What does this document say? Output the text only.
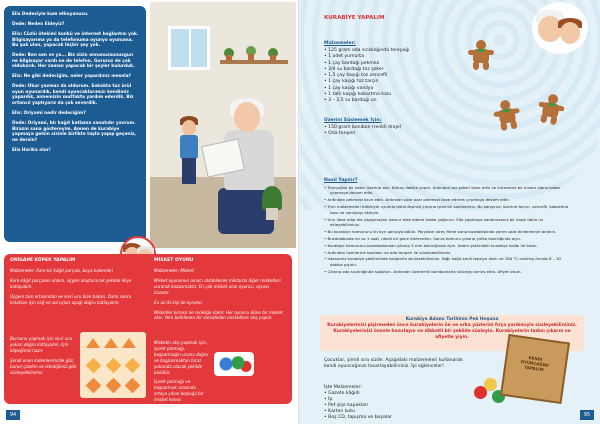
Elis Dedesiyle kum etkoyanuzu.

Dede: Neden Eldeyiz?

Elis: Cüzlü ötekimi konkü ve internet bağlantısı yok. Bilgisayarıma ya da telefonuma oyunyo oyunuma. Bu şuk ulon, yapacak hiçbir şey yok.

Dede: Ben sen ve ya... Biz sizin annanuzsunuzgun ne bilgisayar vardı ne de telefon. Gururuz de çok oldukarık. Her zaman yapacak bir şeyler bulurduk.

Elis: Ne gibi dedeciğim, neler yapardınız mesela?

Dede: Okur yazmaz da oldurum. Sokakta tuz ürül oyun oyunardık, kendi oyuncaklarımızı kendimiz yapardık, annemizin mutfakta yardım ederdik. Biz ortancıl yaptıyarız da çok severdik.

Elis: Oriyami nedir dedeciğim?

Dede: Oriyami, bir kağıt katlama sanatıdır yavrum. Birazın sana göstereyim. Annen de kurabiye yapmaya gelsin sizinle birlikte taşta yapıp geçeniz, ne dersin?

Elis Harika olur!

ORİGAMİ KÖPEK YAPALIM

Malzemeler: Kare bir kâğıt parçası, boya kalemleri

Kare kâğıt parçasını alalım, üçgen oluşturacak şekilde ikiye katlayalım.

Üçgeni tam ortasından ve sivri ucu bize bakan. Daha sonra kulakları için sağ ve sol uçları aşağı doğru katlayalım.

Burnunu yapmak için sivri ucu yukarı doğru katlayalım. İçin köpeğimiz hazır.

Şimdi onun kalemlerimizle göz, burun çizelim ve istediğimiz gibi süsleyebilirsiniz.

MİSKET OYUNU

Malzemeler: Misket

Misket oyununun amacı atılabilecek miktarda diğer misketleri vurarak kazanmaktır. En çok misket alan oyuncu, oyunu kazanır.

En az iki kişi ile oynanır.

Misketler kırmızı ile renkliğe dairir. Her oyuncu düne bir misket atar. Yere belirlenen bir mesafeden misketlere atış yapılır.

Misketin atış yapmak için, işaret parmağı, başparmağın ucuna doğru ve başparmaktan biraz yukarıda olacak şekilde bükülür.

İşaret parmağı ve başparmak arasında ortaya çıkan boşluğa bir misket konur.

Başparmak hızla ileri itilerek misket hedefe doğru atılır. Vurulan misketler toplanır.

94
KURABİYE YAPALIM
Malzemeler:
• 125 gram oda sıcaklığında tereyağı
• 1 adet yumurta
• 1 çay bardağı pekmez
• 3/4 su bardağı toz şeker
• 1,5 çay kaşığı toz zencefil
• 1 çay kaşığı toz tarçın
• 1 çay kaşığı vanilya
• 1 tatlı kaşığı kabartma tozu
• 3 – 3,5 su bardağı un
Üzerini Süslemek İçin:
• 150 gram bonibon (renkli draje)
• Oda tenperi
Nasıl Yapılır?
• Tereyağını bir kabın üzerine alın. Birkaç dakika çırpın. Ardından toz şekeri ilave edin ve kremsime bir kıvam olana kadar çırpmaya devam edin.
• Ardından pekmezi ilave edin. Ardından azar azar pekmezi ilave ederek çırpmaya devam edin.
• Tüm malzemeleri birbiriyle uyumlu bütünleşince çırpma işlemini sonlandırın. Bu karışımın üzerine tarçın, zencefil, kabartma tozu ve vanilyayı ekleyin.
• Unu ilave edip ele yapışmayan hamur elde edene kadar yoğurun. Elle yapmaya zorlanırsanız bir kaşık daha un ekleyebilirsiniz.
• Bu kurabiye hamurunu iki ayrı parçaya bölün. Parçaları streç filme sarıp buzdolabında yarım saat dinlenmeye bırakın.
• Buzdolabında en az 1 saat, ideali bir gece dinlendirin. Sonra hamuru çıkarıp yufka kalınlığında açın.
• Kurabiye hamurunu buzdolabından çıkarıp 5 mm kalınlığında açın. Adam şeklindeki kurabiye kalıbı ile kesin.
• Ardından üzerlerine bonibon ve oda tenperi ile süsleyebilirsiniz.
• İsterseniz kurabiye şekillerinde kalıplarla da kesebilirsiniz. Yağlı kağıt serili tepsiye dizin ve 180 °C ısıtılmış fırında 8 – 10 dakika pişirin.
• Çıkarıp oda sıcaklığında soğutun. Ardından üzerlerini bonibonlarla süsleyip servis edin. Afiyet olsun.
Kurabiye Adamı Tarihinin Pek Hoşuna
Kurabiyelerinizi pişirmeden önce kurabiyelerin ön ve arka yüzlerini fırça yardımıyla süsleyebilirsiniz. Kurabiyelerinizi özenle hazırlayın ve dikkatli bir şekilde süsleyin. Kurabiyelerin tadını çıkarın ve afiyetle yiyin.
Çocuklar, şimdi sıra sizde. Aşağıdaki malzemeleri kullanarak kendi oyuncağınızı tasarlayabilirsiniz. İyi eğlenceler!
İşte Malzemeler:
• Gazete kâğıdı
• İp
• Pet şişe kapakları
• Karton kutu
• Boş CD, tapışma ve boyalar
KENDİ OYUNCAĞINI YAPALIM
95
